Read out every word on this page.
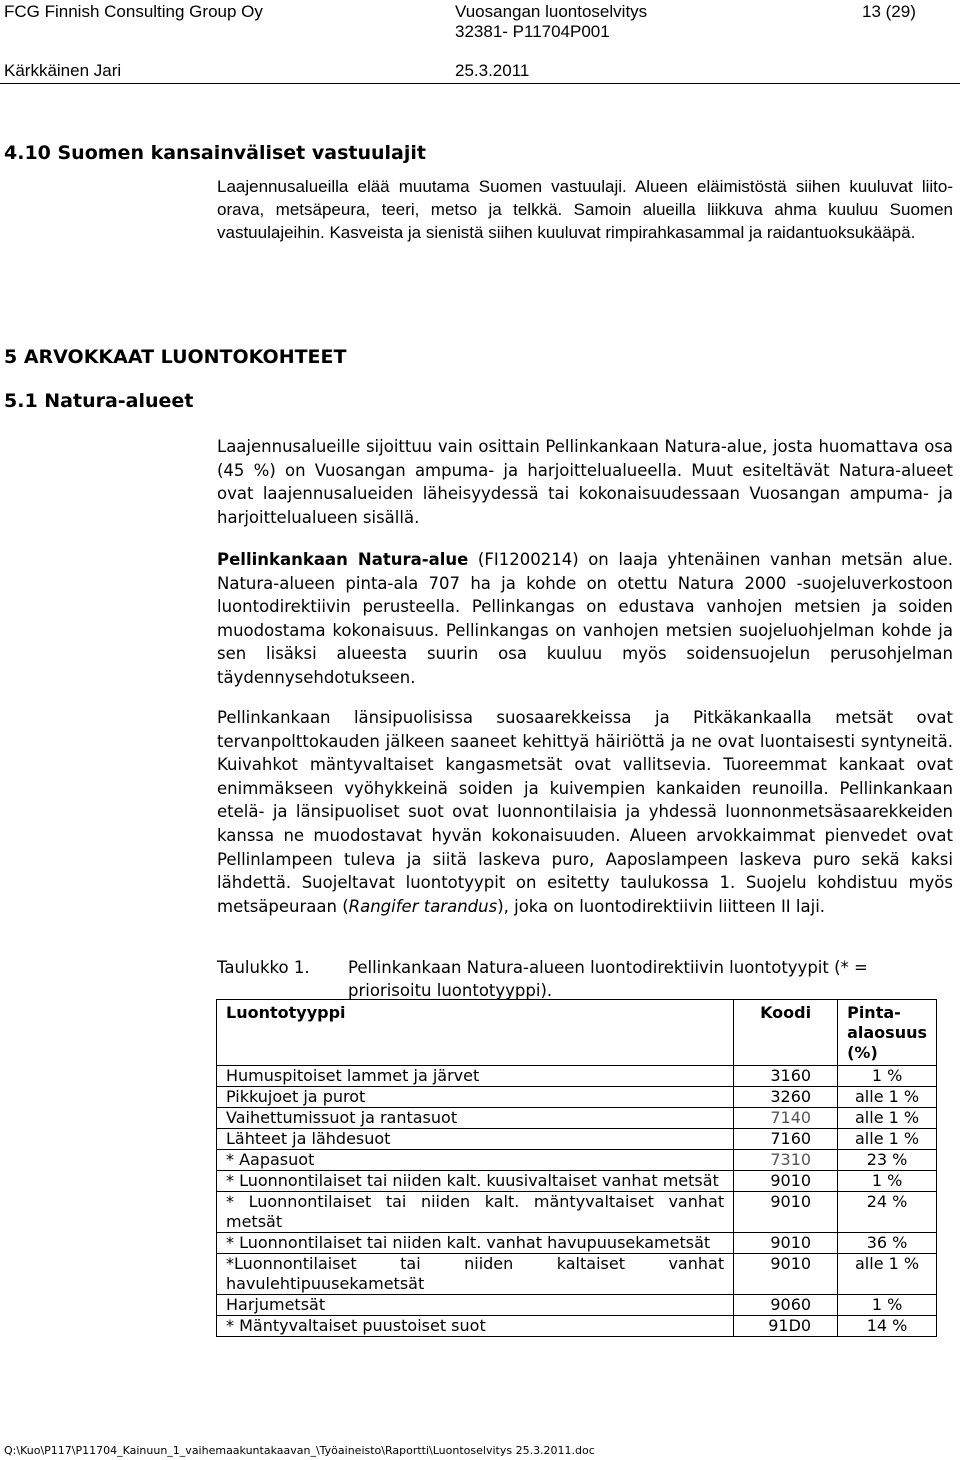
FCG Finnish Consulting Group Oy	Vuosangan luontoselvitys
32381- P11704P001
13 (29)
Kärkkäinen Jari	25.3.2011
4.10 Suomen kansainväliset vastuulajit

Laajennusalueilla elää muutama Suomen vastuulaji. Alueen eläimistöstä siihen kuuluvat liito-orava, metsäpeura, teeri, metso ja telkkä. Samoin alueilla liikkuva ahma kuuluu Suomen vastuulajeihin. Kasveista ja sienistä siihen kuuluvat rimpirahkasammal ja raidantuoksukääpä.

5 ARVOKKAAT LUONTOKOHTEET
5.1 Natura-alueet

Laajennusalueille sijoittuu vain osittain Pellinkankaan Natura-alue, josta huomattava osa (45 %) on Vuosangan ampuma- ja harjoittelualueella. Muut esiteltävät Natura-alueet ovat laajennusalueiden läheisyydessä tai kokonaisuudessaan Vuosangan ampuma- ja harjoittelualueen sisällä.

Pellinkankaan Natura-alue (FI1200214) on laaja yhtenäinen vanhan metsän alue. Natura-alueen pinta-ala 707 ha ja kohde on otettu Natura 2000 -suojeluverkostoon luontodirektiivin perusteella. Pellinkangas on edustava vanhojen metsien ja soiden muodostama kokonaisuus. Pellinkangas on vanhojen metsien suojeluohjelman kohde ja sen lisäksi alueesta suurin osa kuuluu myös soidensuojelun perusohjelman täydennysehdotukseen.

Pellinkankaan länsipuolisissa suosaarekkeissa ja Pitkäkankaalla metsät ovat tervanpolttokauden jälkeen saaneet kehittyä häiriöttä ja ne ovat luontaisesti syntyneitä. Kuivahkot mäntyvaltaiset kangasmetsät ovat vallitsevia. Tuoreemmat kankaat ovat enimmäkseen vyöhykkeinä soiden ja kuivempien kankaiden reunoilla. Pellinkankaan etelä- ja länsipuoliset suot ovat luonnontilaisia ja yhdessä luonnonmetsäsaarekkeiden kanssa ne muodostavat hyvän kokonaisuuden. Alueen arvokkaimmat pienvedet ovat Pellinlampeen tuleva ja siitä laskeva puro, Aaposlampeen laskeva puro sekä kaksi lähdettä. Suojeltavat luontotyypit on esitetty taulukossa 1. Suojelu kohdistuu myös metsäpeuraan (Rangifer tarandus), joka on luontodirektiivin liitteen II laji.

Taulukko 1. Pellinkankaan Natura-alueen luontodirektiivin luontotyypit (* = priorisoitu luontotyyppi).
Luontotyyppi	Koodi	Pinta-alaosuus (%)
Humuspitoiset lammet ja järvet	3160	1 %
Pikkujoet ja purot	3260	alle 1 %
Vaihettumissuot ja rantasuot	7140	alle 1 %
Lähteet ja lähdesuot	7160	alle 1 %
* Aapasuot	7310	23 %
* Luonnontilaiset tai niiden kalt. kuusivaltaiset vanhat metsät	9010	1 %
* Luonnontilaiset tai niiden kalt. mäntyvaltaiset vanhat metsät	9010	24 %
* Luonnontilaiset tai niiden kalt. vanhat havupuusekametsät	9010	36 %
*Luonnontilaiset tai niiden kaltaiset vanhat havulehtipuusekametsät	9010	alle 1 %
Harjumetsät	9060	1 %
* Mäntyvaltaiset puustoiset suot	91D0	14 %
Q:\Kuo\P117\P11704_Kainuun_1_vaihemaakuntakaavan_\Työaineisto\Raportti\Luontoselvitys 25.3.2011.doc
